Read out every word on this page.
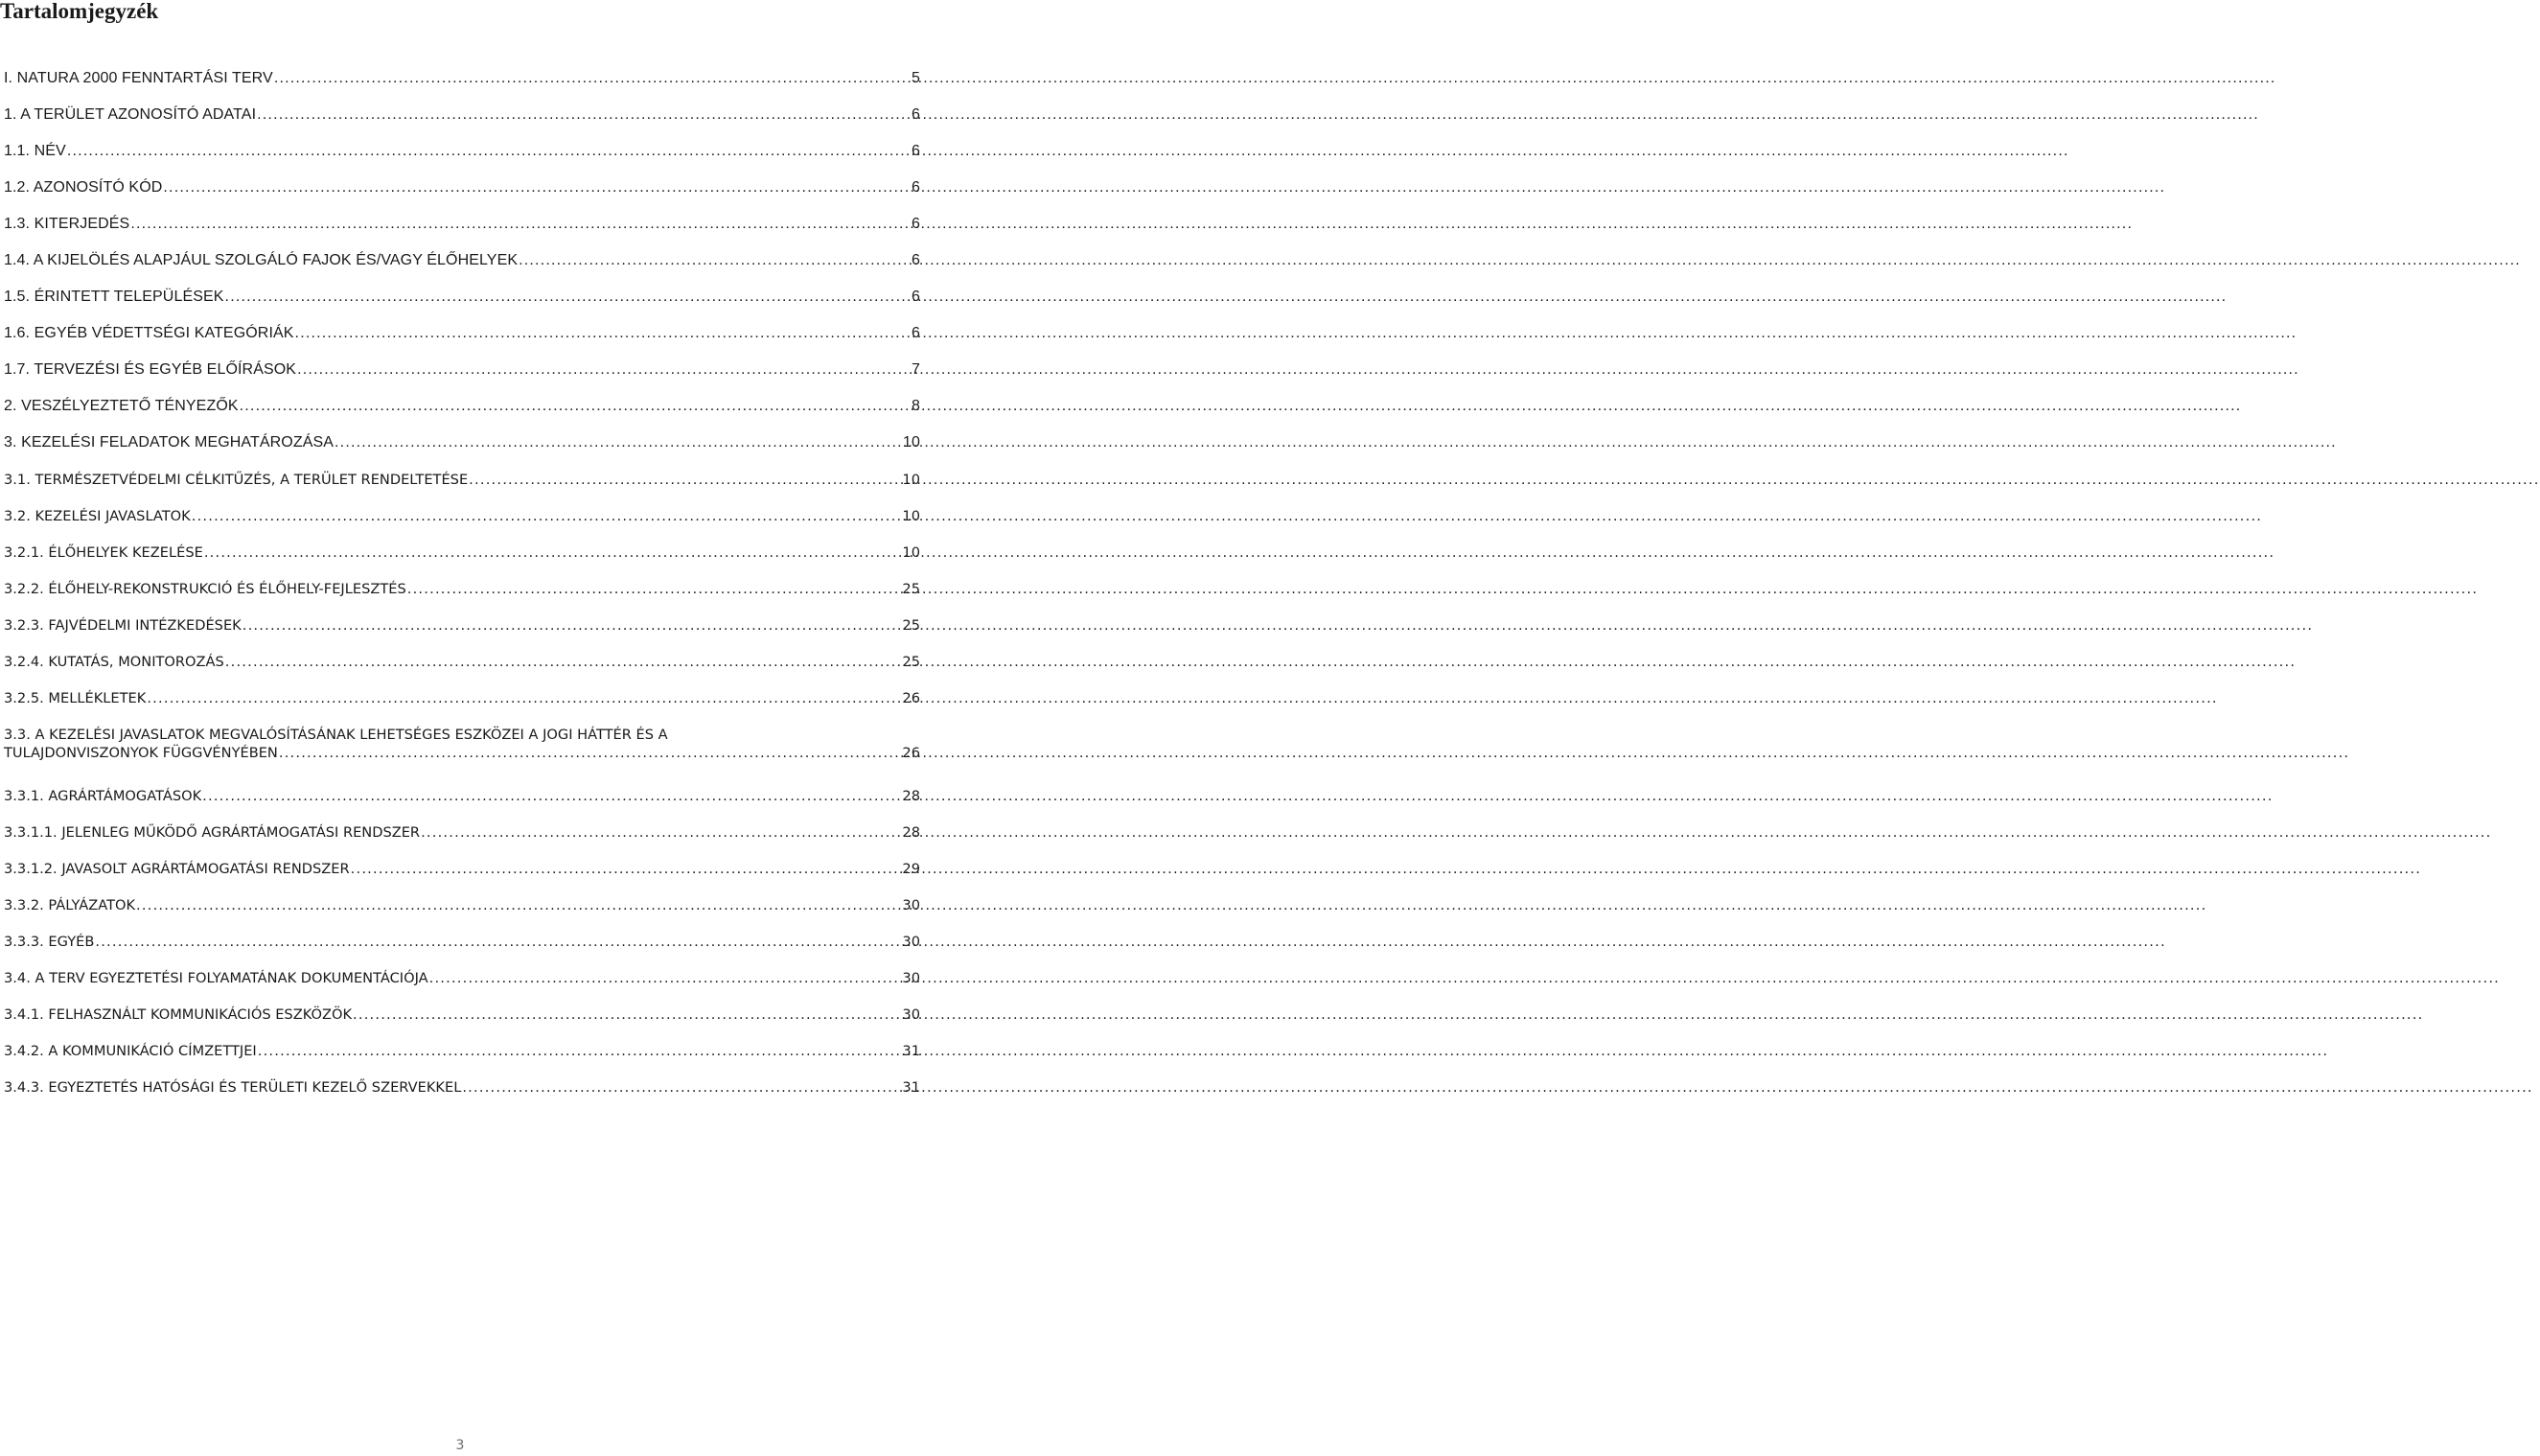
Tartalomjegyzék
I. NATURA 2000 FENNTARTÁSI TERV .....	5
1. A TERÜLET AZONOSÍTÓ ADATAI .....	6
1.1. NÉV .....	6
1.2. AZONOSÍTÓ KÓD .....	6
1.3. KITERJEDÉS .....	6
1.4. A KIJELÖLÉS ALAPJÁUL SZOLGÁLÓ FAJOK ÉS/VAGY ÉLŐHELYEK .....	6
1.5. ÉRINTETT TELEPÜLÉSEK .....	6
1.6. EGYÉB VÉDETTSÉGI KATEGÓRIÁK .....	6
1.7. TERVEZÉSI ÉS EGYÉB ELŐÍRÁSOK .....	7
2. VESZÉLYEZTETŐ TÉNYEZŐK .....	8
3. KEZELÉSI FELADATOK MEGHATÁROZÁSA .....	10
3.1. TERMÉSZETVÉDELMI CÉLKITŰZÉS, A TERÜLET RENDELTETÉSE .....	10
3.2. KEZELÉSI JAVASLATOK .....	10
3.2.1. ÉLŐHELYEK KEZELÉSE .....	10
3.2.2. ÉLŐHELY-REKONSTRUKCIÓ ÉS ÉLŐHELY-FEJLESZTÉS .....	25
3.2.3. FAJVÉDELMI INTÉZKEDÉSEK .....	25
3.2.4. KUTATÁS, MONITOROZÁS .....	25
3.2.5. MELLÉKLETEK .....	26
3.3. A KEZELÉSI JAVASLATOK MEGVALÓSÍTÁSÁNAK LEHETSÉGES ESZKÖZEI A JOGI HÁTTÉR ÉS A
TULAJDONVISZONYOK FÜGGVÉNYÉBEN .....	26
3.3.1. AGRÁRTÁMOGATÁSOK .....	28
3.3.1.1. JELENLEG MŰKÖDŐ AGRÁRTÁMOGATÁSI RENDSZER .....	28
3.3.1.2. JAVASOLT AGRÁRTÁMOGATÁSI RENDSZER .....	29
3.3.2. PÁLYÁZATOK .....	30
3.3.3. EGYÉB .....	30
3.4. A TERV EGYEZTETÉSI FOLYAMATÁNAK DOKUMENTÁCIÓJA .....	30
3.4.1. FELHASZNÁLT KOMMUNIKÁCIÓS ESZKÖZÖK .....	30
3.4.2. A KOMMUNIKÁCIÓ CÍMZETTJEI .....	31
3.4.3. EGYEZTETÉS HATÓSÁGI ÉS TERÜLETI KEZELŐ SZERVEKKEL .....	31
3
